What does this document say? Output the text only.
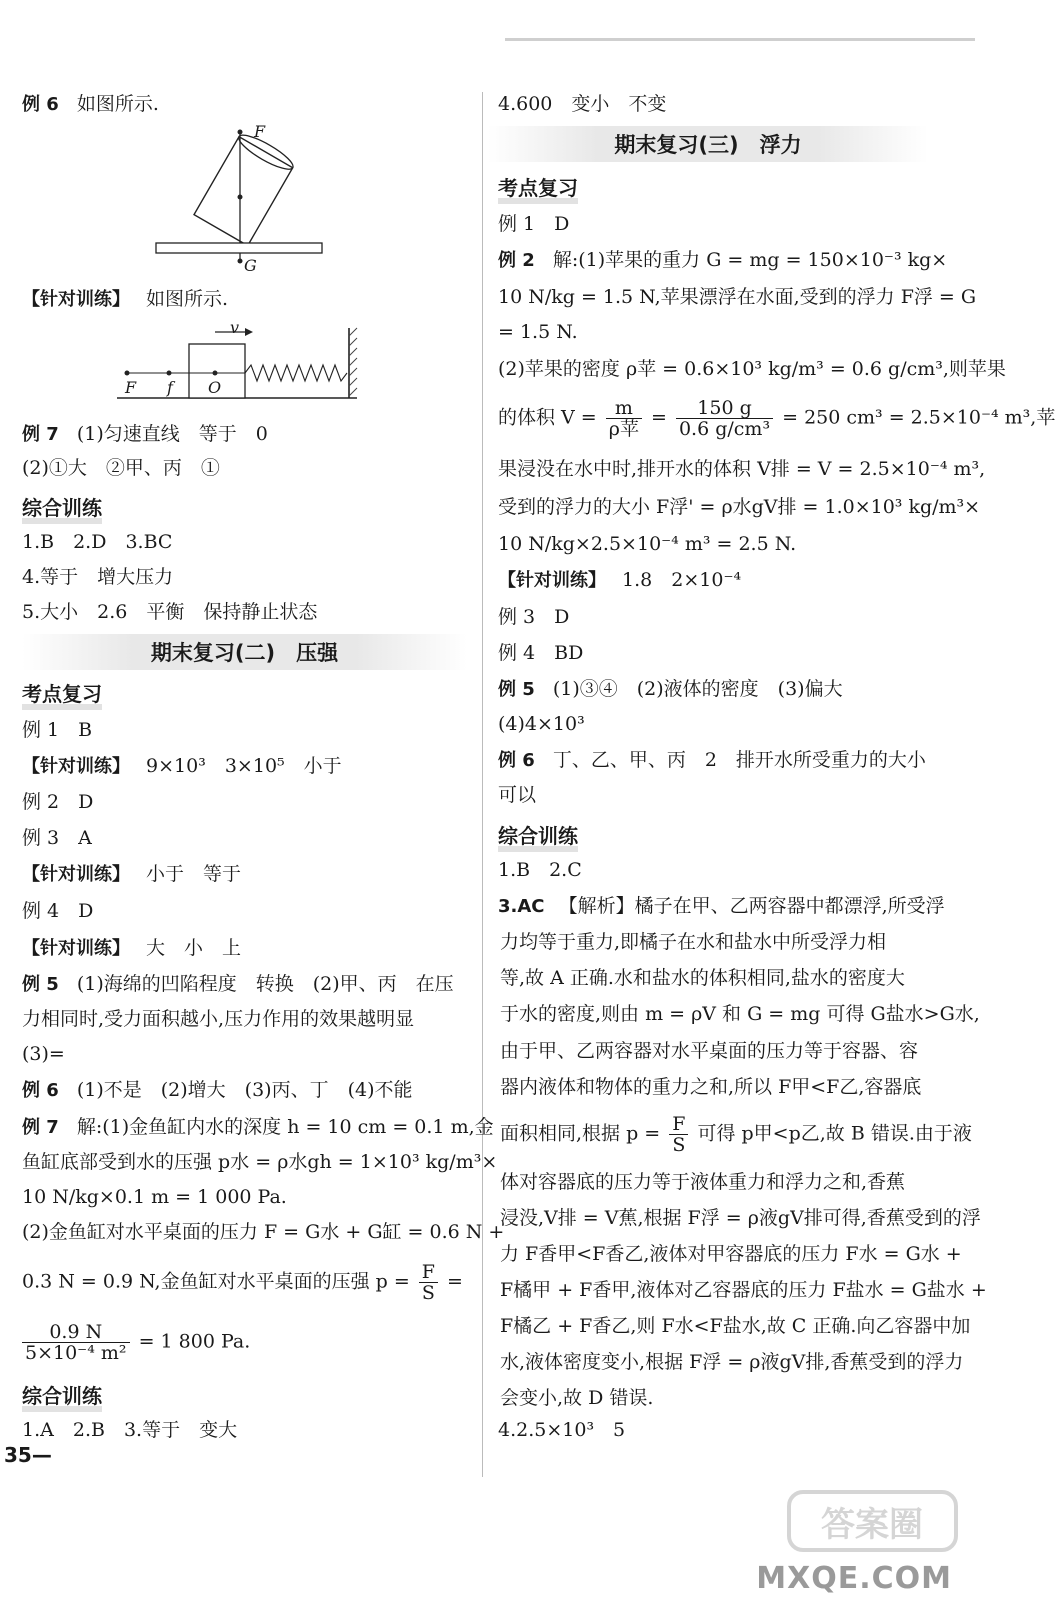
例 6 如图所示.
F
G
【针对训练】 如图所示.
v
F f O
例 7 (1)匀速直线　等于　0
(2)①大　②甲、丙　①
综合训练
1.B　2.D　3.BC
4.等于　增大压力
5.大小　2.6　平衡　保持静止状态
期末复习(二)　压强
考点复习
例 1　B
【针对训练】 9×10³　3×10⁵　小于
例 2　D
例 3　A
【针对训练】 小于　等于
例 4　D
【针对训练】 大　小　上
例 5 (1)海绵的凹陷程度　转换　(2)甲、丙　在压
力相同时,受力面积越小,压力作用的效果越明显
(3)=
例 6 (1)不是　(2)增大　(3)丙、丁　(4)不能
例 7 解:(1)金鱼缸内水的深度 h = 10 cm = 0.1 m,金
鱼缸底部受到水的压强 p水 = ρ水gh = 1×10³ kg/m³×
10 N/kg×0.1 m = 1 000 Pa.
(2)金鱼缸对水平桌面的压力 F = G水 + G缸 = 0.6 N +
0.3 N = 0.9 N,金鱼缸对水平桌面的压强 $p = \frac{F}{S}$ =
$\frac{0.9 N}{\text{5×10⁻⁴ m²}} = 1$ 800 Pa.
综合训练
1.A　2.B　3.等于　变大
4.600　变小　不变
期末复习(三)　浮力
考点复习
例 1　D
例 2 解:(1)苹果的重力 G = mg = 150×10⁻³ kg×
10 N/kg = 1.5 N,苹果漂浮在水面,受到的浮力 F浮 = G
= 1.5 N.
(2)苹果的密度 ρ苹 = 0.6×10³ kg/m³ = 0.6 g/cm³,则苹果
的体积 $V = \frac{m}{\text{ρ苹}} = \frac{150 g}{\text{0.6 g/cm³}} = 250$ cm³ = 2.5×10⁻⁴ m³,苹
果浸没在水中时,排开水的体积 V排 = V = 2.5×10⁻⁴ m³,
受到的浮力的大小 F浮' = ρ水gV排 = 1.0×10³ kg/m³×
10 N/kg×2.5×10⁻⁴ m³ = 2.5 N.
【针对训练】 1.8　2×10⁻⁴
例 3　D
例 4　BD
例 5 (1)③④　(2)液体的密度　(3)偏大
(4)4×10³
例 6 丁、乙、甲、丙　2　排开水所受重力的大小
可以
综合训练
1.B　2.C
3.AC 【解析】橘子在甲、乙两容器中都漂浮,所受浮
力均等于重力,即橘子在水和盐水中所受浮力相
等,故 A 正确.水和盐水的体积相同,盐水的密度大
于水的密度,则由 m = ρV 和 G = mg 可得 G盐水>G水,
由于甲、乙两容器对水平桌面的压力等于容器、容
器内液体和物体的重力之和,所以 F甲<F乙,容器底
面积相同,根据 $p = \frac{F}{S}$ 可得 p甲<p乙,故 B 错误.由于液
体对容器底的压力等于液体重力和浮力之和,香蕉
浸没,V排 = V蕉,根据 F浮 = ρ液gV排可得,香蕉受到的浮
力 F香甲<F香乙,液体对甲容器底的压力 F水 = G水 +
F橘甲 + F香甲,液体对乙容器底的压力 F盐水 = G盐水 +
F橘乙 + F香乙,则 F水<F盐水,故 C 正确.向乙容器中加
水,液体密度变小,根据 F浮 = ρ液gV排,香蕉受到的浮力
会变小,故 D 错误.
4.2.5×10³　5
35—
答案圈
MXQE.COM
